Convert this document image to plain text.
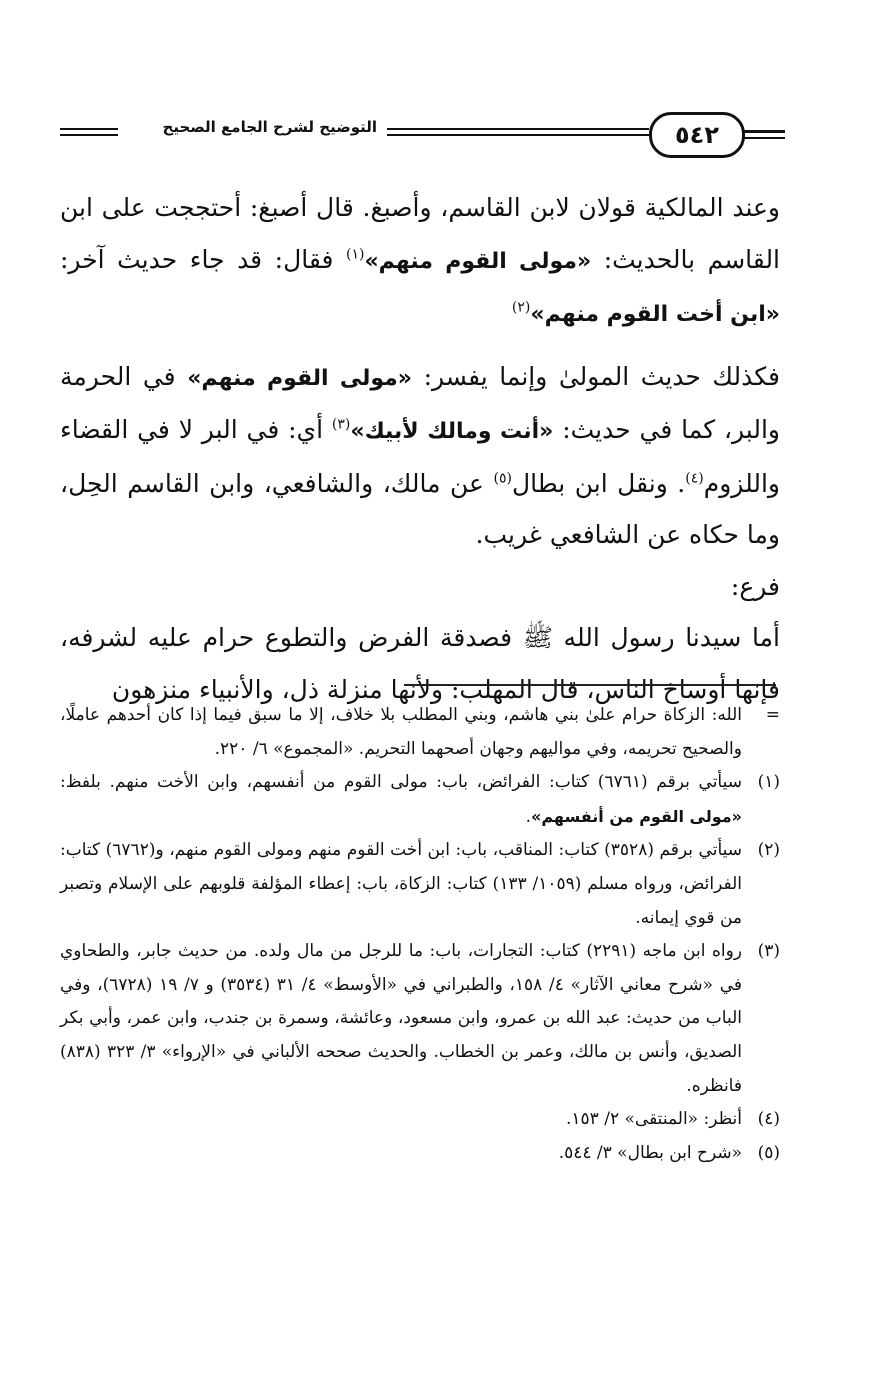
٥٤٢
التوضيح لشرح الجامع الصحيح

وعند المالكية قولان لابن القاسم، وأصبغ. قال أصبغ: أحتججت على ابن القاسم بالحديث: «مولى القوم منهم»$^{(١)}$ فقال: قد جاء حديث آخر: «ابن أخت القوم منهم»$^{(٢)}$

فكذلك حديث المولىٰ وإنما يفسر: «مولى القوم منهم» في الحرمة والبر، كما في حديث: «أنت ومالك لأبيك»$^{(٣)}$ أي: في البر لا في القضاء واللزوم$^{(٤)}$. ونقل ابن بطال$^{(٥)}$ عن مالك، والشافعي، وابن القاسم الحِل، وما حكاه عن الشافعي غريب.

فرع:

أما سيدنا رسول الله ﷺ فصدقة الفرض والتطوع حرام عليه لشرفه، فإنها أوساخ الناس، قال المهلب: ولأنها منزلة ذل، والأنبياء منزهون

=
الله: الزكاة حرام علىٰ بني هاشم، وبني المطلب بلا خلاف، إلا ما سبق فيما إذا كان أحدهم عاملًا، والصحيح تحريمه، وفي مواليهم وجهان أصحهما التحريم. «المجموع» ٦/ ٢٢٠.
(١)
سيأتي برقم (٦٧٦١) كتاب: الفرائض، باب: مولى القوم من أنفسهم، وابن الأخت منهم. بلفظ: «مولى القوم من أنفسهم».
(٢)
سيأتي برقم (٣٥٢٨) كتاب: المناقب، باب: ابن أخت القوم منهم ومولى القوم منهم، و(٦٧٦٢) كتاب: الفرائض، ورواه مسلم (١٠٥٩/ ١٣٣) كتاب: الزكاة، باب: إعطاء المؤلفة قلوبهم على الإسلام وتصبر من قوي إيمانه.
(٣)
رواه ابن ماجه (٢٢٩١) كتاب: التجارات، باب: ما للرجل من مال ولده. من حديث جابر، والطحاوي في «شرح معاني الآثار» ٤/ ١٥٨، والطبراني في «الأوسط» ٤/ ٣١ (٣٥٣٤) و ٧/ ١٩ (٦٧٢٨)، وفي الباب من حديث: عبد الله بن عمرو، وابن مسعود، وعائشة، وسمرة بن جندب، وابن عمر، وأبي بكر الصديق، وأنس بن مالك، وعمر بن الخطاب. والحديث صححه الألباني في «الإرواء» ٣/ ٣٢٣ (٨٣٨) فانظره.
(٤)
أنظر: «المنتقى» ٢/ ١٥٣.
(٥)
«شرح ابن بطال» ٣/ ٥٤٤.
